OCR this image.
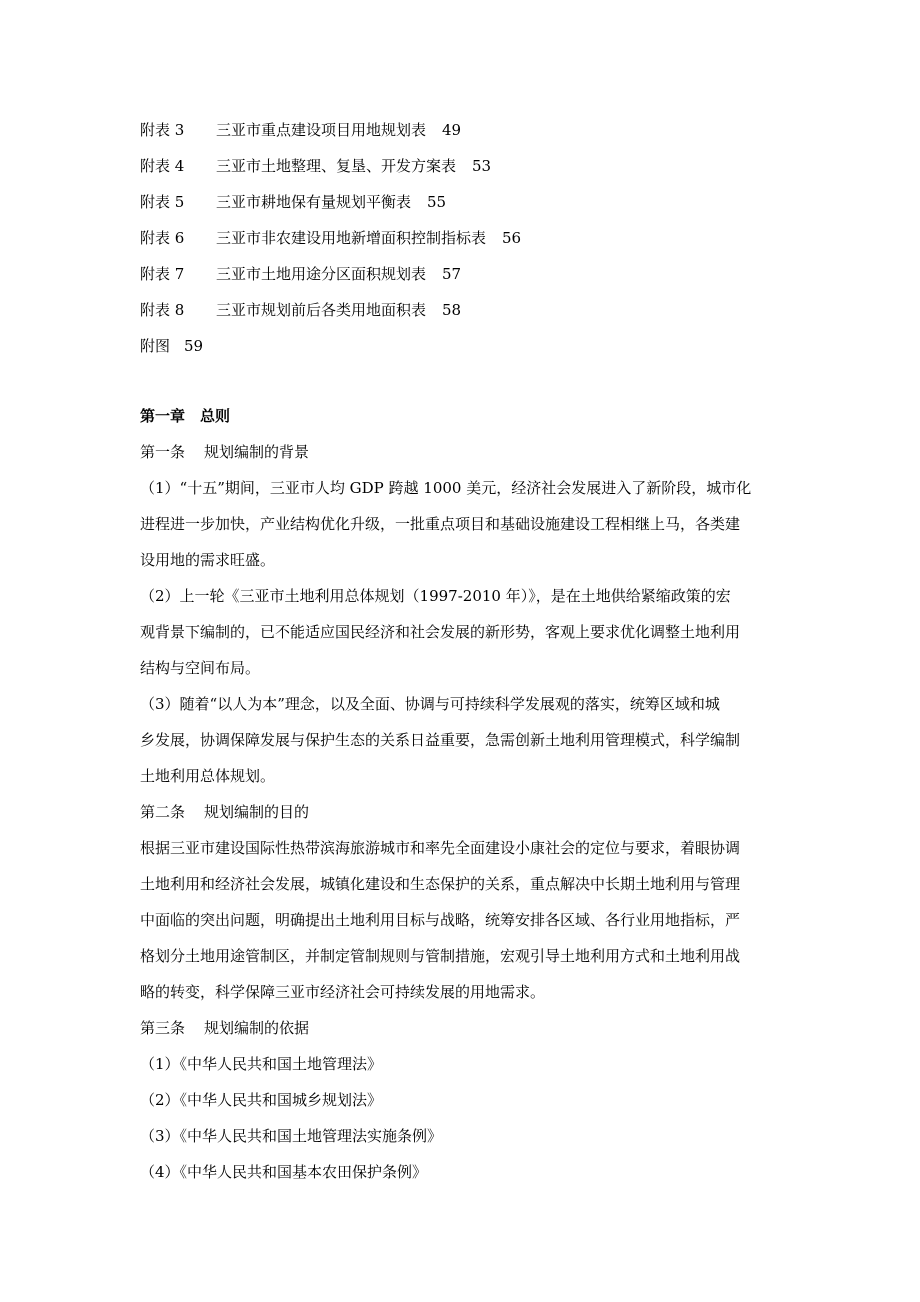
附表 3 三亚市重点建设项目用地规划表 49
附表 4 三亚市土地整理、复垦、开发方案表 53
附表 5 三亚市耕地保有量规划平衡表 55
附表 6 三亚市非农建设用地新增面积控制指标表 56
附表 7 三亚市土地用途分区面积规划表 57
附表 8 三亚市规划前后各类用地面积表 58
附图 59
第一章　总则
第一条 规划编制的背景
（1）“十五”期间，三亚市人均 GDP 跨越 1000 美元，经济社会发展进入了新阶段，城市化
进程进一步加快，产业结构优化升级，一批重点项目和基础设施建设工程相继上马，各类建
设用地的需求旺盛。
（2）上一轮《三亚市土地利用总体规划（1997-2010 年）》，是在土地供给紧缩政策的宏
观背景下编制的，已不能适应国民经济和社会发展的新形势，客观上要求优化调整土地利用
结构与空间布局。
（3）随着“以人为本”理念，以及全面、协调与可持续科学发展观的落实，统筹区域和城
乡发展，协调保障发展与保护生态的关系日益重要，急需创新土地利用管理模式，科学编制
土地利用总体规划。
第二条 规划编制的目的
根据三亚市建设国际性热带滨海旅游城市和率先全面建设小康社会的定位与要求，着眼协调
土地利用和经济社会发展，城镇化建设和生态保护的关系，重点解决中长期土地利用与管理
中面临的突出问题，明确提出土地利用目标与战略，统筹安排各区域、各行业用地指标，严
格划分土地用途管制区，并制定管制规则与管制措施，宏观引导土地利用方式和土地利用战
略的转变，科学保障三亚市经济社会可持续发展的用地需求。
第三条 规划编制的依据
（1）《中华人民共和国土地管理法》
（2）《中华人民共和国城乡规划法》
（3）《中华人民共和国土地管理法实施条例》
（4）《中华人民共和国基本农田保护条例》
